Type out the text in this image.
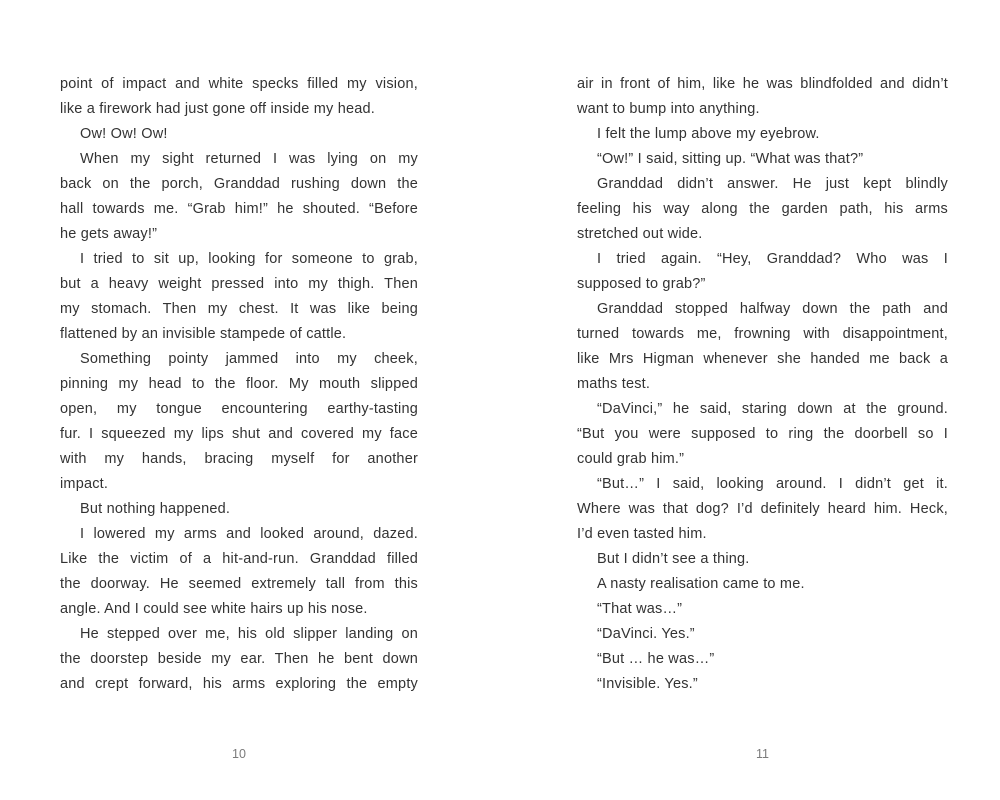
point of impact and white specks filled my vision,
like a firework had just gone off inside my head.
Ow! Ow! Ow!
When my sight returned I was lying on my
back on the porch, Granddad rushing down the
hall towards me. “Grab him!” he shouted. “Before
he gets away!”
I tried to sit up, looking for someone to grab,
but a heavy weight pressed into my thigh. Then
my stomach. Then my chest. It was like being
flattened by an invisible stampede of cattle.
Something pointy jammed into my cheek,
pinning my head to the floor. My mouth slipped
open, my tongue encountering earthy-tasting
fur. I squeezed my lips shut and covered my face
with my hands, bracing myself for another
impact.
But nothing happened.
I lowered my arms and looked around, dazed.
Like the victim of a hit-and-run. Granddad filled
the doorway. He seemed extremely tall from this
angle. And I could see white hairs up his nose.
He stepped over me, his old slipper landing on
the doorstep beside my ear. Then he bent down
and crept forward, his arms exploring the empty
air in front of him, like he was blindfolded and didn’t
want to bump into anything.
I felt the lump above my eyebrow.
“Ow!” I said, sitting up. “What was that?”
Granddad didn’t answer. He just kept blindly
feeling his way along the garden path, his arms
stretched out wide.
I tried again. “Hey, Granddad? Who was I
supposed to grab?”
Granddad stopped halfway down the path and
turned towards me, frowning with disappointment,
like Mrs Higman whenever she handed me back a
maths test.
“DaVinci,” he said, staring down at the ground.
“But you were supposed to ring the doorbell so I
could grab him.”
“But…” I said, looking around. I didn’t get it.
Where was that dog? I’d definitely heard him. Heck,
I’d even tasted him.
But I didn’t see a thing.
A nasty realisation came to me.
“That was…”
“DaVinci. Yes.”
“But … he was…”
“Invisible. Yes.”
10	11
